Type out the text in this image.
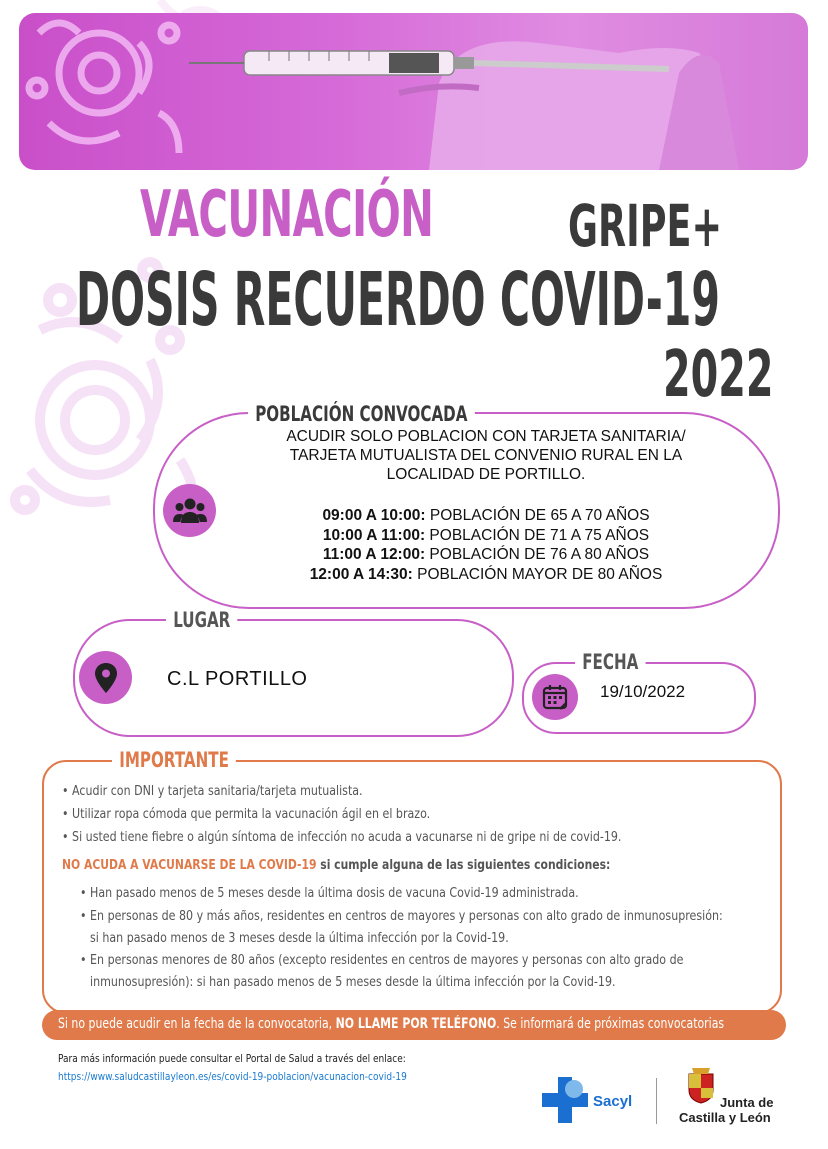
VACUNACIÓN GRIPE+
DOSIS RECUERDO COVID-19
2022
POBLACIÓN CONVOCADA
ACUDIR SOLO POBLACION CON TARJETA SANITARIA/
TARJETA MUTUALISTA DEL CONVENIO RURAL EN LA
LOCALIDAD DE PORTILLO.
09:00 A 10:00: POBLACIÓN DE 65 A 70 AÑOS
10:00 A 11:00: POBLACIÓN DE 71 A 75 AÑOS
11:00 A 12:00: POBLACIÓN DE 76 A 80 AÑOS
12:00 A 14:30: POBLACIÓN MAYOR DE 80 AÑOS
LUGAR
C.L PORTILLO
FECHA
19/10/2022
IMPORTANTE
• Acudir con DNI y tarjeta sanitaria/tarjeta mutualista.
• Utilizar ropa cómoda que permita la vacunación ágil en el brazo.
• Si usted tiene fiebre o algún síntoma de infección no acuda a vacunarse ni de gripe ni de covid-19.
NO ACUDA A VACUNARSE DE LA COVID-19 si cumple alguna de las siguientes condiciones:
• Han pasado menos de 5 meses desde la última dosis de vacuna Covid-19 administrada.
• En personas de 80 y más años, residentes en centros de mayores y personas con alto grado de inmunosupresión:
si han pasado menos de 3 meses desde la última infección por la Covid-19.
• En personas menores de 80 años (excepto residentes en centros de mayores y personas con alto grado de
inmunosupresión): si han pasado menos de 5 meses desde la última infección por la Covid-19.
Si no puede acudir en la fecha de la convocatoria, NO LLAME POR TELÉFONO. Se informará de próximas convocatorias
Para más información puede consultar el Portal de Salud a través del enlace:
https://www.saludcastillayleon.es/es/covid-19-poblacion/vacunacion-covid-19
Sacyl	Junta de
Castilla y León
